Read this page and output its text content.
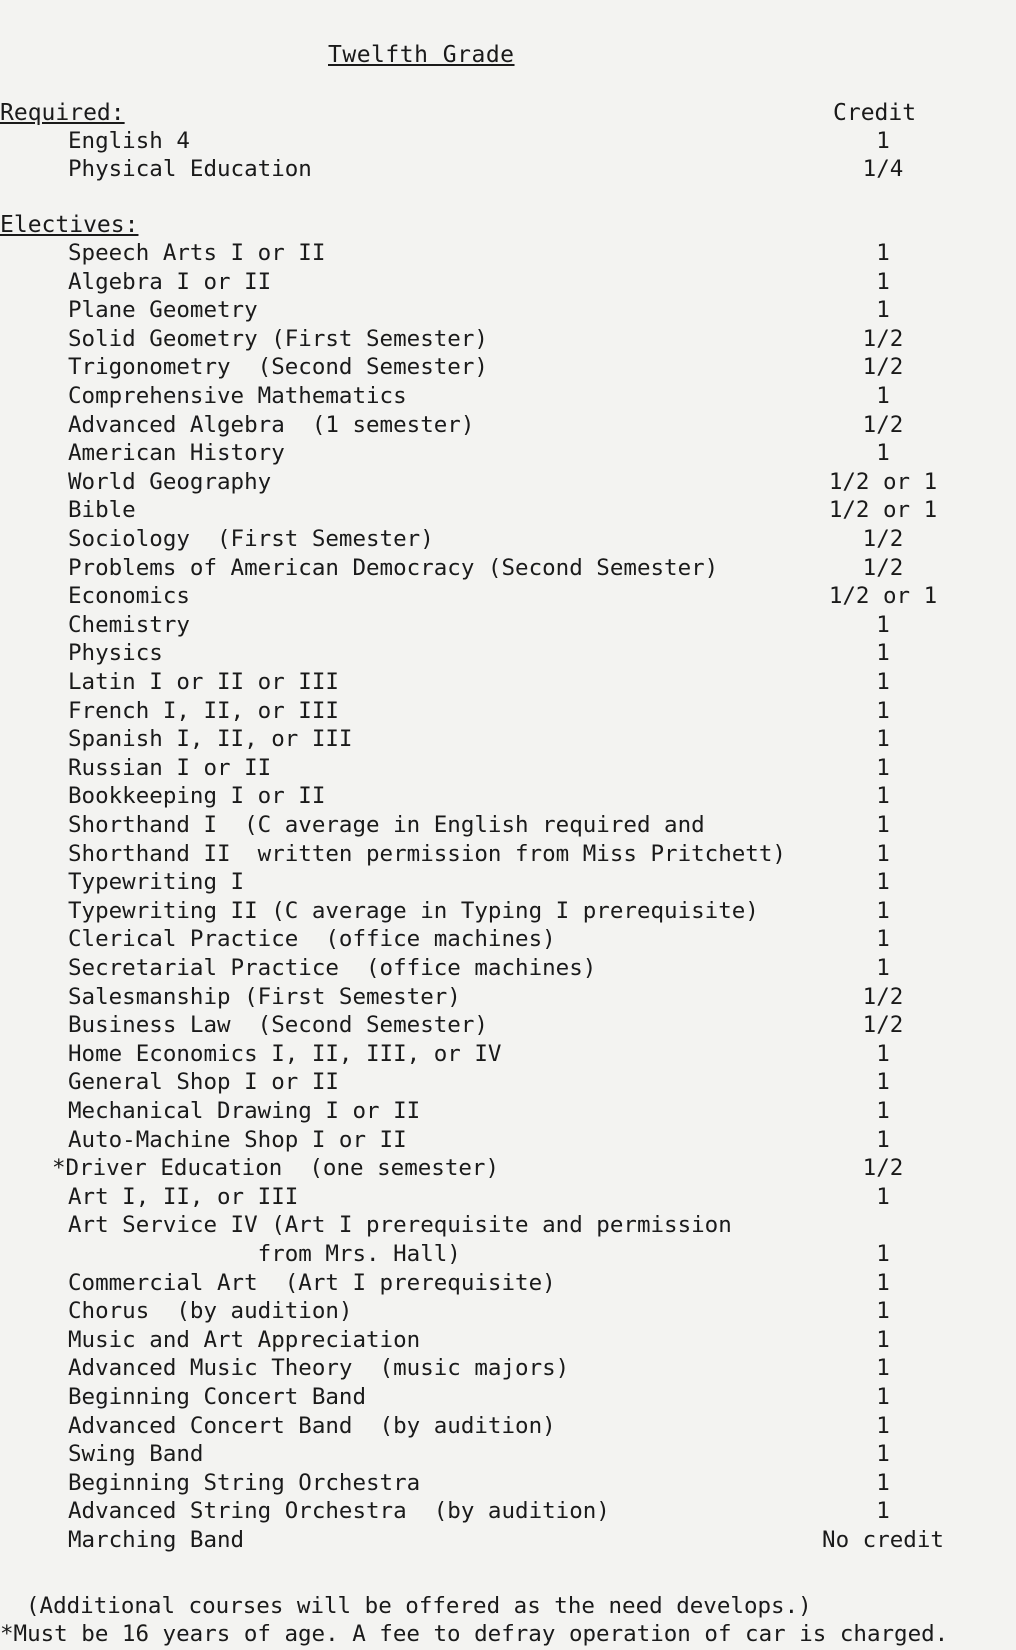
Twelfth Grade
Required:	Credit
English 4	1
Physical Education	1/4
Electives:
Speech Arts I or II	1
Algebra I or II	1
Plane Geometry	1
Solid Geometry (First Semester)	1/2
Trigonometry  (Second Semester)	1/2
Comprehensive Mathematics	1
Advanced Algebra  (1 semester)	1/2
American History	1
World Geography	1/2 or 1
Bible	1/2 or 1
Sociology  (First Semester)	1/2
Problems of American Democracy (Second Semester)	1/2
Economics	1/2 or 1
Chemistry	1
Physics	1
Latin I or II or III	1
French I, II, or III	1
Spanish I, II, or III	1
Russian I or II	1
Bookkeeping I or II	1
Shorthand I  (C average in English required and	1
Shorthand II  written permission from Miss Pritchett)	1
Typewriting I	1
Typewriting II (C average in Typing I prerequisite)	1
Clerical Practice  (office machines)	1
Secretarial Practice  (office machines)	1
Salesmanship (First Semester)	1/2
Business Law  (Second Semester)	1/2
Home Economics I, II, III, or IV	1
General Shop I or II	1
Mechanical Drawing I or II	1
Auto-Machine Shop I or II	1
*Driver Education  (one semester)	1/2
Art I, II, or III	1
Art Service IV (Art I prerequisite and permission
from Mrs. Hall)	1
Commercial Art  (Art I prerequisite)	1
Chorus  (by audition)	1
Music and Art Appreciation	1
Advanced Music Theory  (music majors)	1
Beginning Concert Band	1
Advanced Concert Band  (by audition)	1
Swing Band	1
Beginning String Orchestra	1
Advanced String Orchestra  (by audition)	1
Marching Band	No credit
(Additional courses will be offered as the need develops.)
*Must be 16 years of age. A fee to defray operation of car is charged.
